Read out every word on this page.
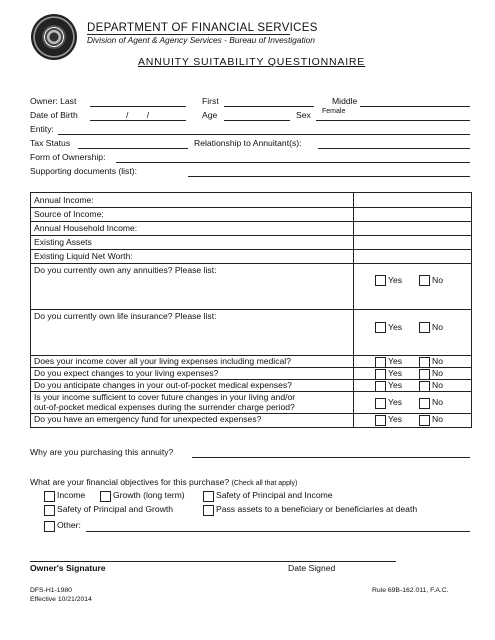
DEPARTMENT OF FINANCIAL SERVICES
Division of Agent & Agency Services - Bureau of Investigation
ANNUITY SUITABILITY QUESTIONNAIRE
Owner: Last	First	Middle
Date of Birth	/ /	Age	Sex Female
Entity:
Tax Status	Relationship to Annuitant(s):
Form of Ownership:
Supporting documents (list):
Annual Income:
Source of Income:
Annual Household Income:
Existing Assets
Existing Liquid Net Worth:
Do you currently own any annuities? Please list:
Yes	No
Do you currently own life insurance? Please list:
Yes	No
Does your income cover all your living expenses including medical?	Yes	No
Do you expect changes to your living expenses?	Yes	No
Do you anticipate changes in your out-of-pocket medical expenses?	Yes	No
Is your income sufficient to cover future changes in your living and/or
out-of-pocket medical expenses during the surrender charge period?	Yes	No
Do you have an emergency fund for unexpected expenses?	Yes	No
Why are you purchasing this annuity?
What are your financial objectives for this purchase? (Check all that apply)
Income	Growth (long term)	Safety of Principal and Income
Safety of Principal and Growth	Pass assets to a beneficiary or beneficiaries at death
Other:
Owner's Signature	Date Signed
DFS-H1-1980
Effective 10/21/2014
Rule 69B-162.011, F.A.C.
